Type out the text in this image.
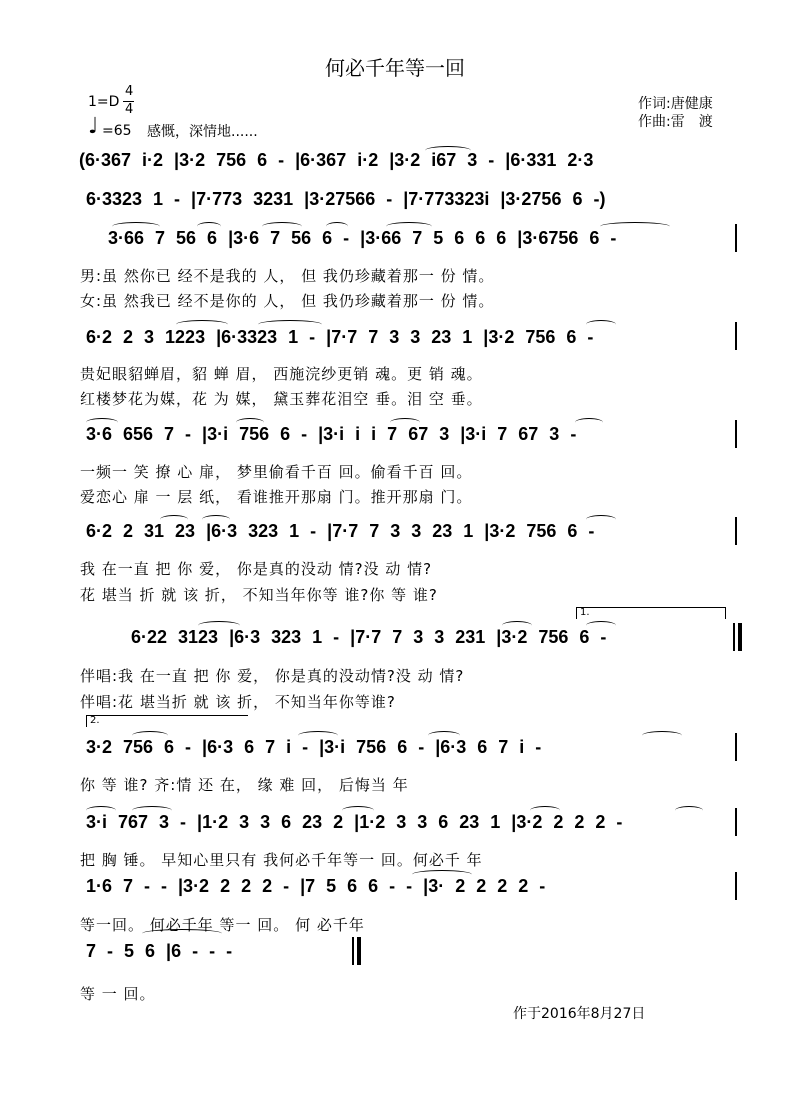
何必千年等一回
1=D
4
4
♩ =65 感慨，深情地......
作词:唐健康
作曲:雷　渡
(6·367 i·2 |3·2 756 6 - |6·367 i·2 |3·2 i67 3 - |6·331 2·3
6·3323 1 - |7·773 3231 |3·27566 - |7·773323i |3·2756 6 -)
3·66 7 56 6 |3·6 7 56 6 - |3·66 7 5 6 6 6 |3·6756 6 -
男:虽 然你已 经不是我的 人， 但 我仍珍藏着那一 份 情。
女:虽 然我已 经不是你的 人， 但 我仍珍藏着那一 份 情。
6·2 2 3 1223 |6·3323 1 - |7·7 7 3 3 23 1 |3·2 756 6 -
贵妃眼貂蝉眉，貂 蝉 眉， 西施浣纱更销 魂。更 销 魂。
红楼梦花为媒，花 为 媒， 黛玉葬花泪空 垂。泪 空 垂。
3·6 656 7 - |3·i 756 6 - |3·i i i 7 67 3 |3·i 7 67 3 -
一频一 笑 撩 心 扉， 梦里偷看千百 回。偷看千百 回。
爱恋心 扉 一 层 纸， 看谁推开那扇 门。推开那扇 门。
6·2 2 31 23 |6·3 323 1 - |7·7 7 3 3 23 1 |3·2 756 6 -
我 在一直 把 你 爱， 你是真的没动 情?没 动 情?
花 堪当 折 就 该 折， 不知当年你等 谁?你 等 谁?
1.
6·22 3123 |6·3 323 1 - |7·7 7 3 3 231 |3·2 756 6 -
伴唱:我 在一直 把 你 爱， 你是真的没动情?没 动 情?
伴唱:花 堪当折 就 该 折， 不知当年你等谁?
2.
3·2 756 6 - |6·3 6 7 i - |3·i 756 6 - |6·3 6 7 i -
你 等 谁? 齐:情 还 在， 缘 难 回， 后悔当 年
3·i 767 3 - |1·2 3 3 6 23 2 |1·2 3 3 6 23 1 |3·2 2 2 2 -
把 胸 锤。 早知心里只有 我何必千年等一 回。何必千 年
1·6 7 - - |3·2 2 2 2 - |7 5 6 6 - - |3· 2 2 2 2 -
等一回。 何必千年 等一 回。 何 必千年
7 - 5 6 |6 - - -
等 一 回。
作于2016年8月27日
